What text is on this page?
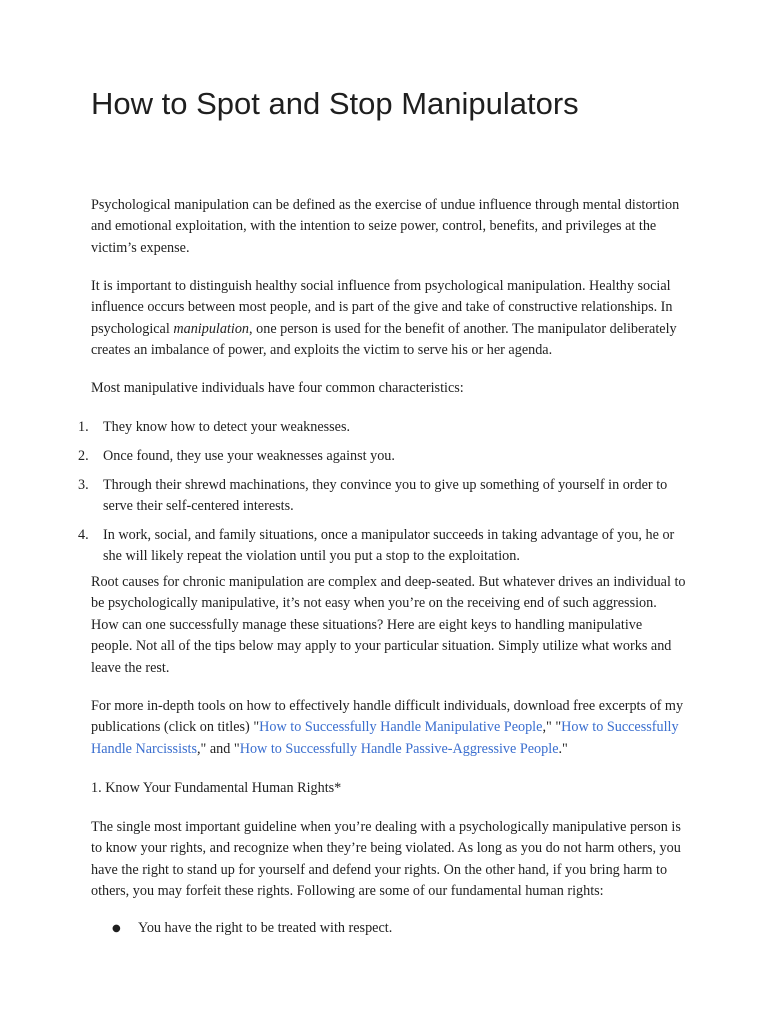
How to Spot and Stop Manipulators

Psychological manipulation can be defined as the exercise of undue influence through mental distortion and emotional exploitation, with the intention to seize power, control, benefits, and privileges at the victim’s expense.

It is important to distinguish healthy social influence from psychological manipulation. Healthy social influence occurs between most people, and is part of the give and take of constructive relationships. In psychological manipulation, one person is used for the benefit of another. The manipulator deliberately creates an imbalance of power, and exploits the victim to serve his or her agenda.

Most manipulative individuals have four common characteristics:

1. They know how to detect your weaknesses.
2. Once found, they use your weaknesses against you.
3. Through their shrewd machinations, they convince you to give up something of yourself in order to serve their self-centered interests.
4. In work, social, and family situations, once a manipulator succeeds in taking advantage of you, he or she will likely repeat the violation until you put a stop to the exploitation.

Root causes for chronic manipulation are complex and deep-seated. But whatever drives an individual to be psychologically manipulative, it’s not easy when you’re on the receiving end of such aggression. How can one successfully manage these situations? Here are eight keys to handling manipulative people. Not all of the tips below may apply to your particular situation. Simply utilize what works and leave the rest.

For more in-depth tools on how to effectively handle difficult individuals, download free excerpts of my publications (click on titles) "How to Successfully Handle Manipulative People," "How to Successfully Handle Narcissists," and "How to Successfully Handle Passive-Aggressive People."

1. Know Your Fundamental Human Rights*

The single most important guideline when you’re dealing with a psychologically manipulative person is to know your rights, and recognize when they’re being violated. As long as you do not harm others, you have the right to stand up for yourself and defend your rights. On the other hand, if you bring harm to others, you may forfeit these rights. Following are some of our fundamental human rights:

● You have the right to be treated with respect.
